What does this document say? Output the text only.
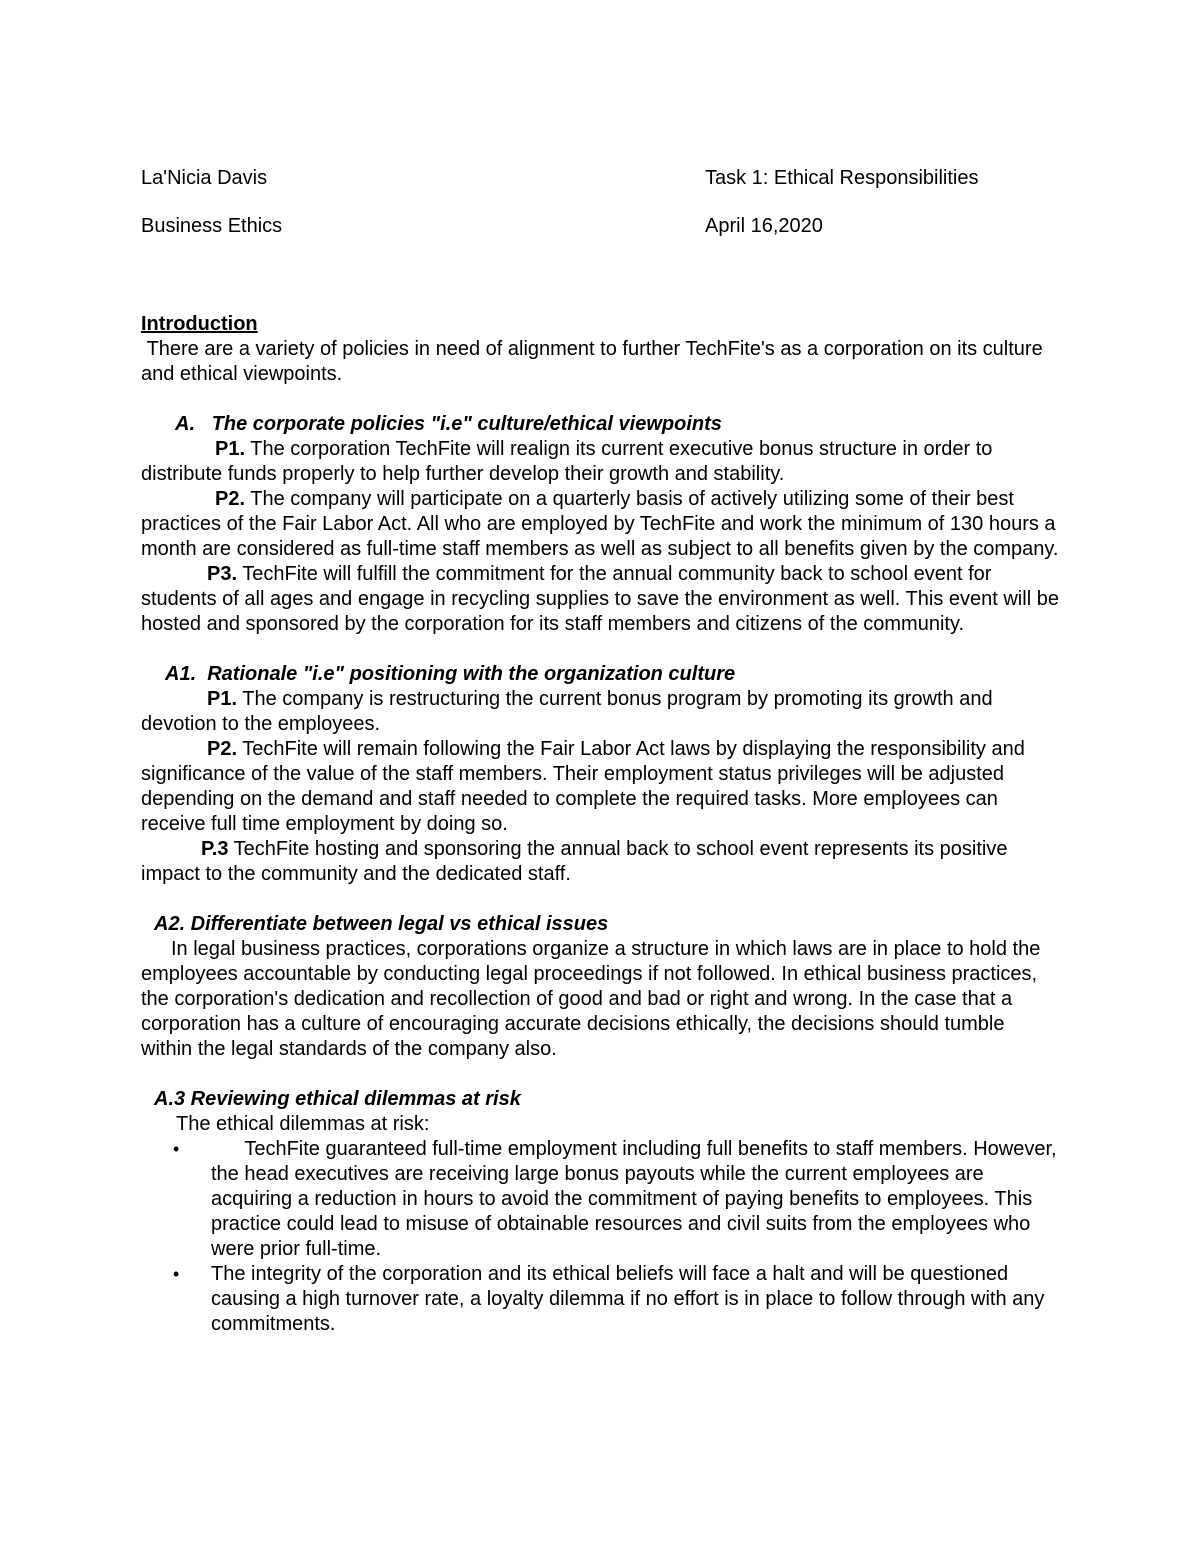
La'Nicia Davis	Task 1: Ethical Responsibilities
Business Ethics	April 16,2020
Introduction

There are a variety of policies in need of alignment to further TechFite's as a corporation on its culture and ethical viewpoints.

A.   The corporate policies "i.e" culture/ethical viewpoints

P1. The corporation TechFite will realign its current executive bonus structure in order to distribute funds properly to help further develop their growth and stability.

P2. The company will participate on a quarterly basis of actively utilizing some of their best practices of the Fair Labor Act. All who are employed by TechFite and work the minimum of 130 hours a month are considered as full-time staff members as well as subject to all benefits given by the company.

P3. TechFite will fulfill the commitment for the annual community back to school event for students of all ages and engage in recycling supplies to save the environment as well. This event will be hosted and sponsored by the corporation for its staff members and citizens of the community.

A1.  Rationale "i.e" positioning with the organization culture

P1. The company is restructuring the current bonus program by promoting its growth and devotion to the employees.

P2. TechFite will remain following the Fair Labor Act laws by displaying the responsibility and significance of the value of the staff members. Their employment status privileges will be adjusted depending on the demand and staff needed to complete the required tasks. More employees can receive full time employment by doing so.

P.3 TechFite hosting and sponsoring the annual back to school event represents its positive impact to the community and the dedicated staff.

A2. Differentiate between legal vs ethical issues

In legal business practices, corporations organize a structure in which laws are in place to hold the employees accountable by conducting legal proceedings if not followed. In ethical business practices, the corporation's dedication and recollection of good and bad or right and wrong. In the case that a corporation has a culture of encouraging accurate decisions ethically, the decisions should tumble within the legal standards of the company also.

A.3 Reviewing ethical dilemmas at risk

The ethical dilemmas at risk:

• TechFite guaranteed full-time employment including full benefits to staff members. However, the head executives are receiving large bonus payouts while the current employees are acquiring a reduction in hours to avoid the commitment of paying benefits to employees. This practice could lead to misuse of obtainable resources and civil suits from the employees who were prior full-time.
• The integrity of the corporation and its ethical beliefs will face a halt and will be questioned causing a high turnover rate, a loyalty dilemma if no effort is in place to follow through with any commitments.
